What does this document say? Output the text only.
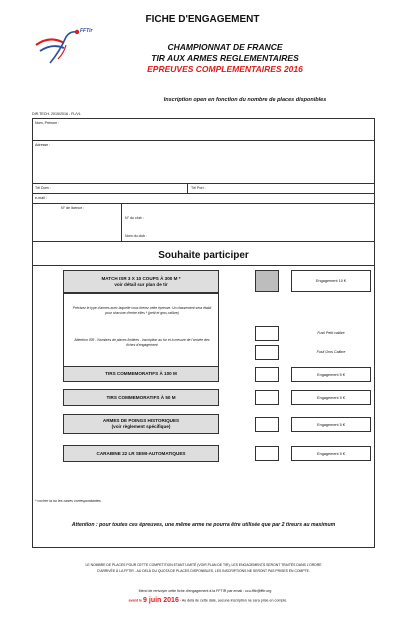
FFTir
FICHE D'ENGAGEMENT
CHAMPIONNAT DE FRANCE
TIR AUX ARMES REGLEMENTAIRES
EPREUVES COMPLEMENTAIRES 2016
Inscription open en fonction du nombre de places disponibles
DIR.TECH. 2015/2016 - FL/VL
Nom, Prénom :
Adresse :
Tél Dom :	Tél Port :
e-mail :
N° de licence :
N° du club :
Nom du club :
Souhaite participer
MATCH ISR 3 X 10 COUPS À 300 M *
voir détail sur plan de tir
Engagement 10 €
Précisez le type d'armes avec laquelle vous tirerez cette épreuve. Un classement sera établi pour chacune d'entre elles * (petit et gros calibre)
Attention ISR - Nombres de places limitées - inscription au fur et à mesure de l'arrivée des fiches d'engagement
Fusil Petit calibre
Fusil Gros Calibre
TIRS COMMEMORATIFS À 100 M	Engagement 5 €
TIRS COMMEMORATIFS À 50 M	Engagement 5 €
ARMES DE POINGS HISTORIQUES
(voir règlement spécifique)	Engagement 5 €
CARABINE 22 LR SEMI-AUTOMATIQUES	Engagement 5 €
* cocher la ou les cases correspondantes
Attention : pour toutes ces épreuves, une même arme ne pourra être utilisée que par 2 tireurs au maximum
LE NOMBRE DE PLACES POUR CETTE COMPETITION ETANT LIMITÉ (VOIR PLAN DE TIR), LES ENGAGEMENTS SERONT TRAITÉS DANS L'ORDRE
D'ARRIVÉE À LA FFTIR - AU DELÀ DU QUOTA DE PLACES DISPONIBLES, LES INSCRIPTIONS NE SERONT PAS PRISES EN COMPTE.
Merci de renvoyer cette fiche d'engagement à la FFTIR par email : ccu-fftir@fftir.org
avant le 9 juin 2016 - Au delà de cette date, aucune inscription ne sera prise en compte.
